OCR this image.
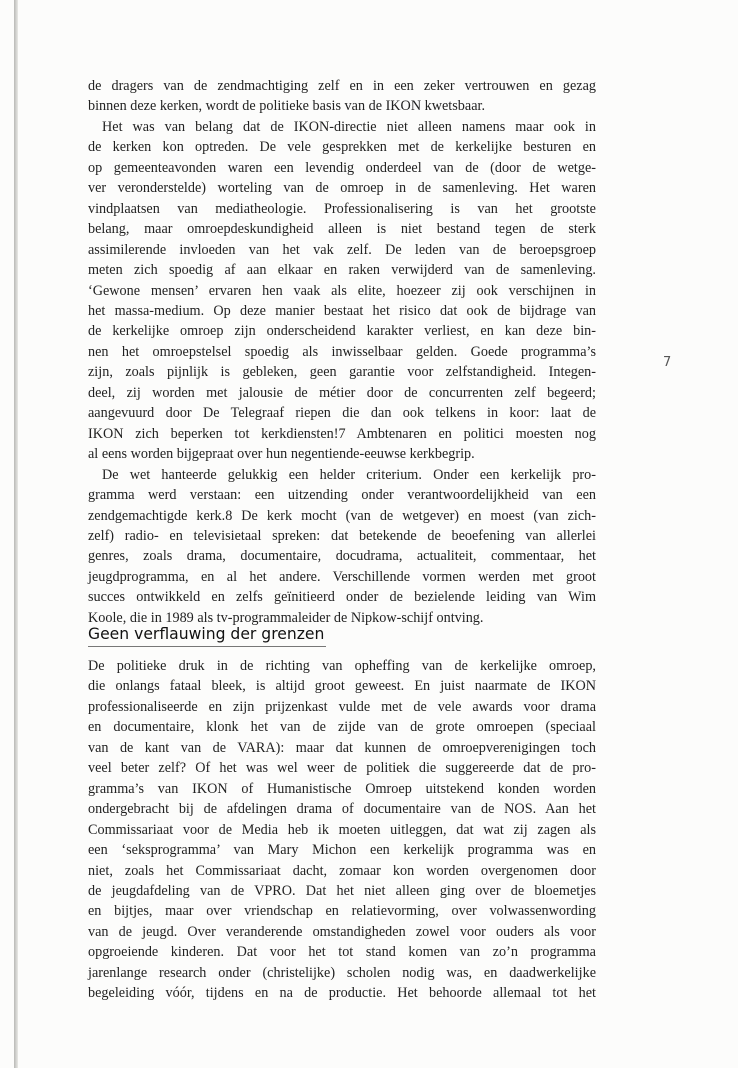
de dragers van de zendmachtiging zelf en in een zeker vertrouwen en gezag
binnen deze kerken, wordt de politieke basis van de IKON kwetsbaar.
Het was van belang dat de IKON-directie niet alleen namens maar ook in
de kerken kon optreden. De vele gesprekken met de kerkelijke besturen en
op gemeenteavonden waren een levendig onderdeel van de (door de wetge-
ver veronderstelde) worteling van de omroep in de samenleving. Het waren
vindplaatsen van mediatheologie. Professionalisering is van het grootste
belang, maar omroepdeskundigheid alleen is niet bestand tegen de sterk
assimilerende invloeden van het vak zelf. De leden van de beroepsgroep
meten zich spoedig af aan elkaar en raken verwijderd van de samenleving.
‘Gewone mensen’ ervaren hen vaak als elite, hoezeer zij ook verschijnen in
het massa-medium. Op deze manier bestaat het risico dat ook de bijdrage van
de kerkelijke omroep zijn onderscheidend karakter verliest, en kan deze bin-
nen het omroepstelsel spoedig als inwisselbaar gelden. Goede programma’s
zijn, zoals pijnlijk is gebleken, geen garantie voor zelfstandigheid. Integen-
deel, zij worden met jalousie de métier door de concurrenten zelf begeerd;
aangevuurd door De Telegraaf riepen die dan ook telkens in koor: laat de
IKON zich beperken tot kerkdiensten!7 Ambtenaren en politici moesten nog
al eens worden bijgepraat over hun negentiende-eeuwse kerkbegrip.
De wet hanteerde gelukkig een helder criterium. Onder een kerkelijk pro-
gramma werd verstaan: een uitzending onder verantwoordelijkheid van een
zendgemachtigde kerk.8 De kerk mocht (van de wetgever) en moest (van zich-
zelf) radio- en televisietaal spreken: dat betekende de beoefening van allerlei
genres, zoals drama, documentaire, docudrama, actualiteit, commentaar, het
jeugdprogramma, en al het andere. Verschillende vormen werden met groot
succes ontwikkeld en zelfs geïnitieerd onder de bezielende leiding van Wim
Koole, die in 1989 als tv-programmaleider de Nipkow-schijf ontving.
Geen verflauwing der grenzen
De politieke druk in de richting van opheffing van de kerkelijke omroep,
die onlangs fataal bleek, is altijd groot geweest. En juist naarmate de IKON
professionaliseerde en zijn prijzenkast vulde met de vele awards voor drama
en documentaire, klonk het van de zijde van de grote omroepen (speciaal
van de kant van de VARA): maar dat kunnen de omroepverenigingen toch
veel beter zelf? Of het was wel weer de politiek die suggereerde dat de pro-
gramma’s van IKON of Humanistische Omroep uitstekend konden worden
ondergebracht bij de afdelingen drama of documentaire van de NOS. Aan het
Commissariaat voor de Media heb ik moeten uitleggen, dat wat zij zagen als
een ‘seksprogramma’ van Mary Michon een kerkelijk programma was en
niet, zoals het Commissariaat dacht, zomaar kon worden overgenomen door
de jeugdafdeling van de VPRO. Dat het niet alleen ging over de bloemetjes
en bijtjes, maar over vriendschap en relatievorming, over volwassenwording
van de jeugd. Over veranderende omstandigheden zowel voor ouders als voor
opgroeiende kinderen. Dat voor het tot stand komen van zo’n programma
jarenlange research onder (christelijke) scholen nodig was, en daadwerkelijke
begeleiding vóór, tijdens en na de productie. Het behoorde allemaal tot het
7
